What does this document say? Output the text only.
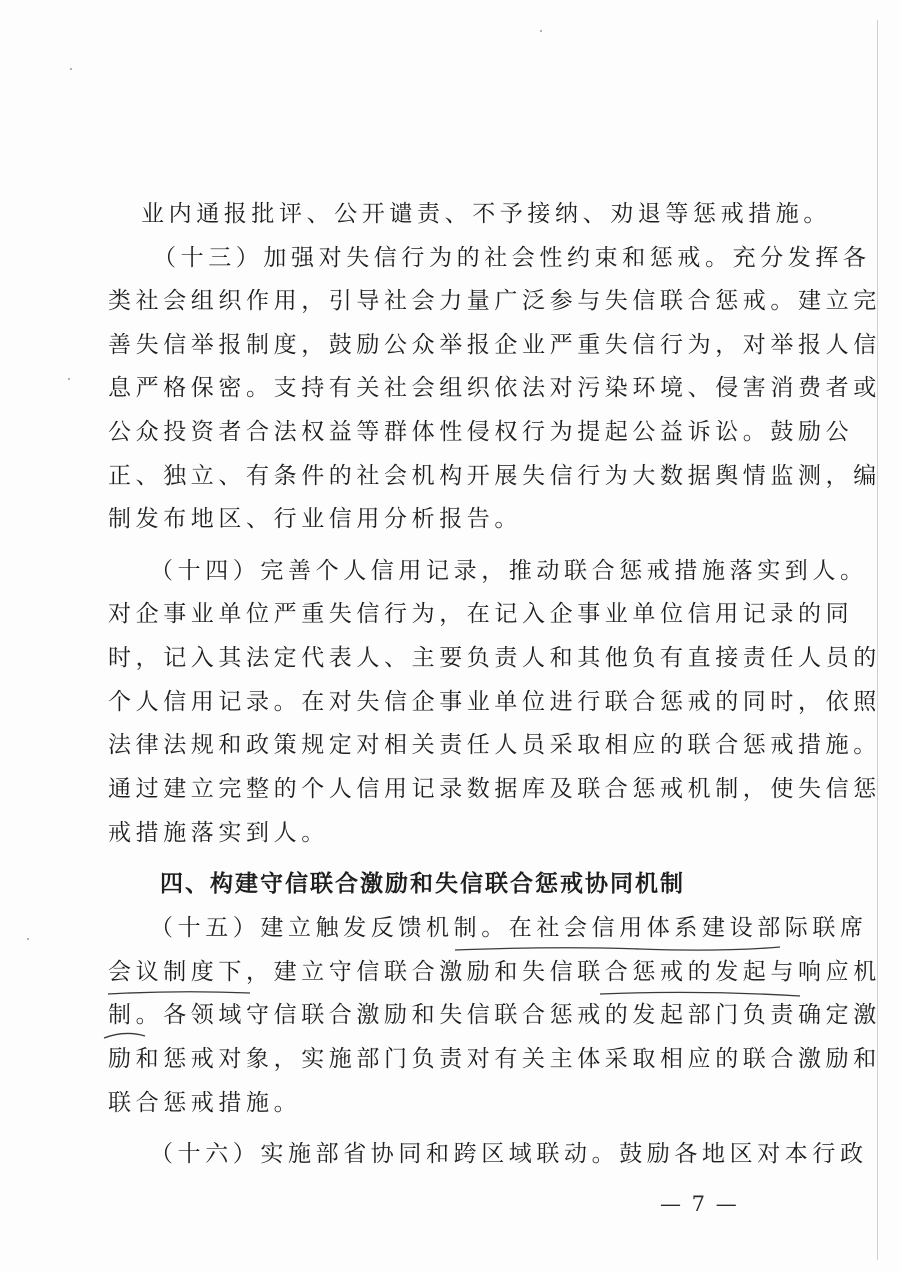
业内通报批评、公开谴责、不予接纳、劝退等惩戒措施。

（十三）加强对失信行为的社会性约束和惩戒。充分发挥各

类社会组织作用，引导社会力量广泛参与失信联合惩戒。建立完

善失信举报制度，鼓励公众举报企业严重失信行为，对举报人信

息严格保密。支持有关社会组织依法对污染环境、侵害消费者或

公众投资者合法权益等群体性侵权行为提起公益诉讼。鼓励公

正、独立、有条件的社会机构开展失信行为大数据舆情监测，编

制发布地区、行业信用分析报告。

（十四）完善个人信用记录，推动联合惩戒措施落实到人。

对企事业单位严重失信行为，在记入企事业单位信用记录的同

时，记入其法定代表人、主要负责人和其他负有直接责任人员的

个人信用记录。在对失信企事业单位进行联合惩戒的同时，依照

法律法规和政策规定对相关责任人员采取相应的联合惩戒措施。

通过建立完整的个人信用记录数据库及联合惩戒机制，使失信惩

戒措施落实到人。

四、构建守信联合激励和失信联合惩戒协同机制

（十五）建立触发反馈机制。在社会信用体系建设部际联席

会议制度下，建立守信联合激励和失信联合惩戒的发起与响应机

制。各领域守信联合激励和失信联合惩戒的发起部门负责确定激

励和惩戒对象，实施部门负责对有关主体采取相应的联合激励和

联合惩戒措施。

（十六）实施部省协同和跨区域联动。鼓励各地区对本行政

— 7 —
